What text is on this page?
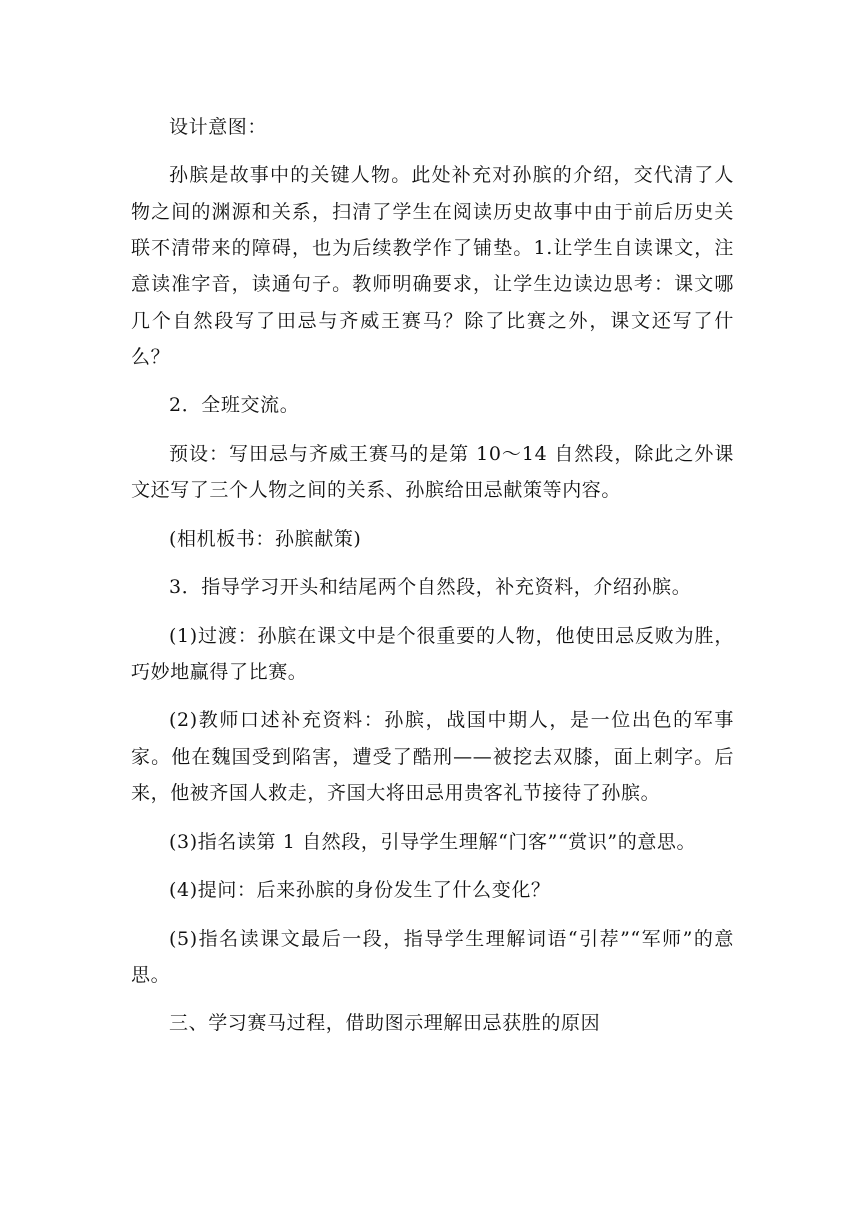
设计意图：

孙膑是故事中的关键人物。此处补充对孙膑的介绍，交代清了人物之间的渊源和关系，扫清了学生在阅读历史故事中由于前后历史关联不清带来的障碍，也为后续教学作了铺垫。1.让学生自读课文，注意读准字音，读通句子。教师明确要求，让学生边读边思考：课文哪几个自然段写了田忌与齐威王赛马？除了比赛之外，课文还写了什么？

2．全班交流。

预设：写田忌与齐威王赛马的是第 10～14 自然段，除此之外课文还写了三个人物之间的关系、孙膑给田忌献策等内容。

(相机板书：孙膑献策)

3．指导学习开头和结尾两个自然段，补充资料，介绍孙膑。

(1)过渡：孙膑在课文中是个很重要的人物，他使田忌反败为胜，巧妙地赢得了比赛。

(2)教师口述补充资料：孙膑，战国中期人，是一位出色的军事家。他在魏国受到陷害，遭受了酷刑——被挖去双膝，面上刺字。后来，他被齐国人救走，齐国大将田忌用贵客礼节接待了孙膑。

(3)指名读第 1 自然段，引导学生理解“门客”“赏识”的意思。

(4)提问：后来孙膑的身份发生了什么变化？

(5)指名读课文最后一段，指导学生理解词语“引荐”“军师”的意思。

三、学习赛马过程，借助图示理解田忌获胜的原因
